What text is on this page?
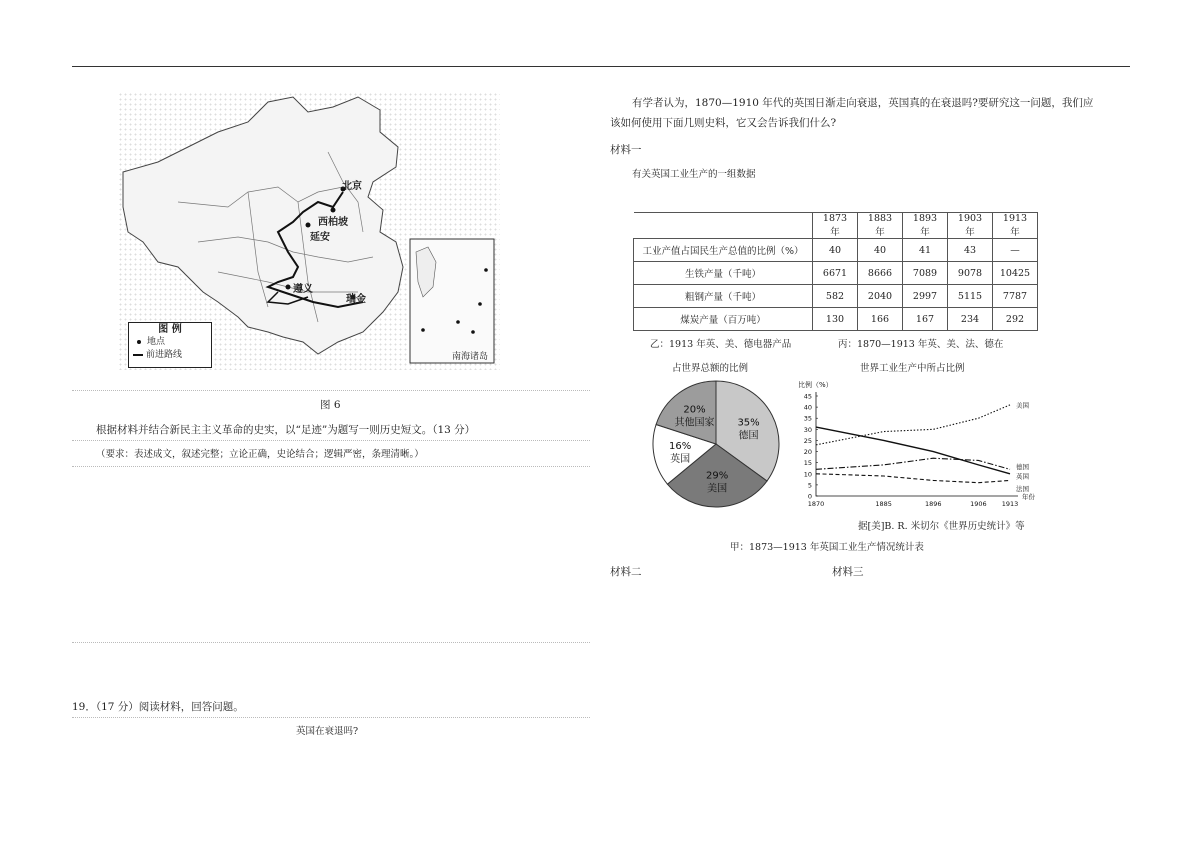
北京
西柏坡
延安
遵义
瑞金
南海诸岛
图 例
地点
前进路线
图 6
根据材料并结合新民主主义革命的史实，以“足迹”为题写一则历史短文。（13 分）
（要求：表述成文，叙述完整；立论正确，史论结合；逻辑严密，条理清晰。）
19．（17 分）阅读材料，回答问题。
英国在衰退吗?
有学者认为，1870—1910 年代的英国日渐走向衰退，英国真的在衰退吗?要研究这一问题，我们应
该如何使用下面几则史料，它又会告诉我们什么?
材料一
有关英国工业生产的一组数据
	1873 年	1883 年	1893 年	1903 年	1913 年
工业产值占国民生产总值的比例（%）	40	40	41	43	—
生铁产量（千吨）	6671	8666	7089	9078	10425
粗钢产量（千吨）	582	2040	2997	5115	7787
煤炭产量（百万吨）	130	166	167	234	292
乙：1913 年英、美、德电器产品
占世界总额的比例
丙：1870—1913 年英、美、法、德在
世界工业生产中所占比例
35%
德国
29%
美国
16%
英国
20%
其他国家
比例（%）
0
5
10
15
20
25
30
35
40
45
1870	1885	1896	1906 1913
年份
美国
英国
德国
法国
据[美]B. R. 米切尔《世界历史统计》等
甲：1873—1913 年英国工业生产情况统计表
材料二	材料三
